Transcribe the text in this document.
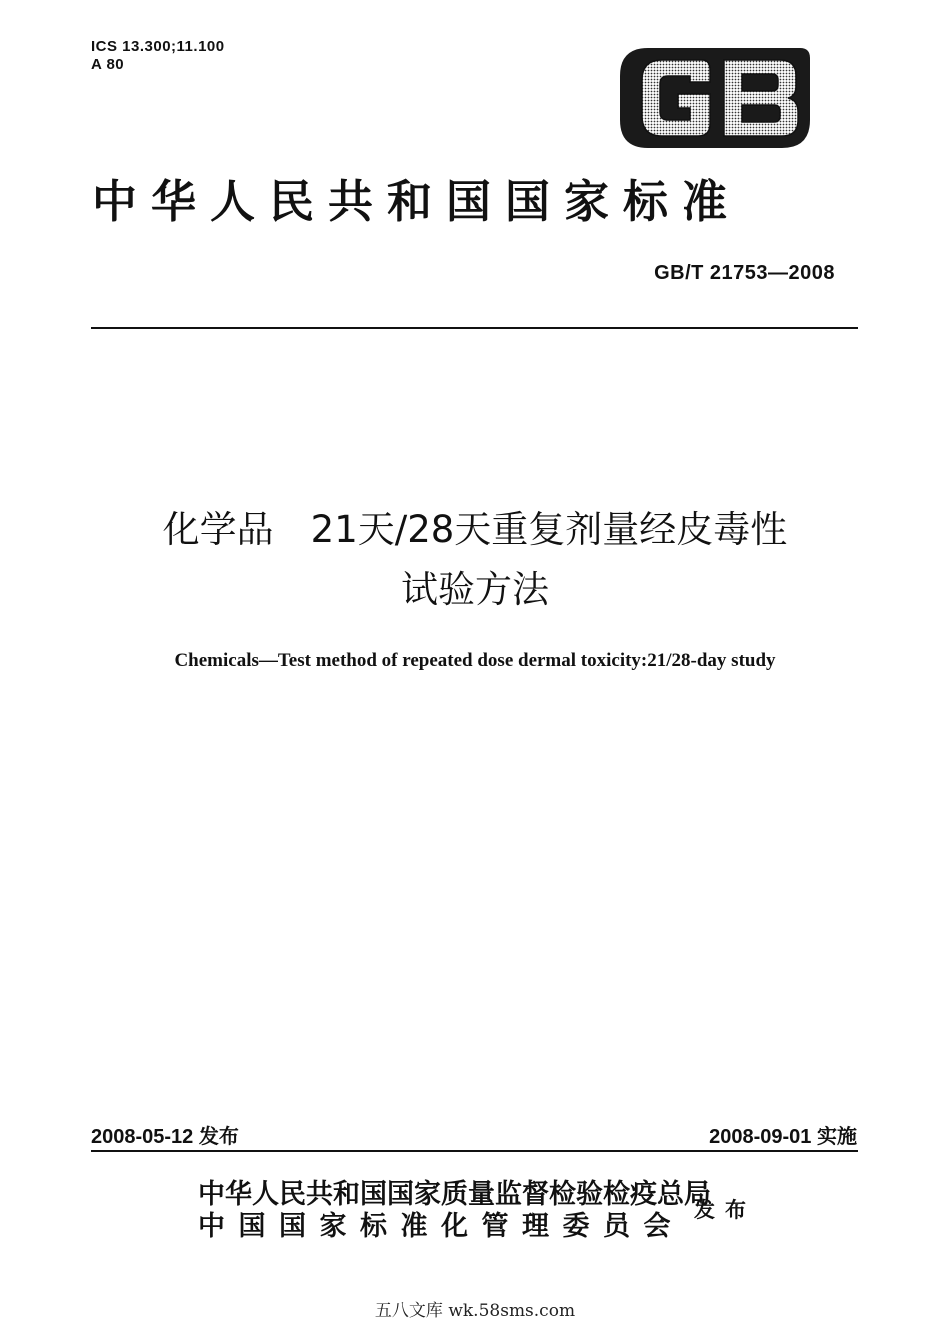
ICS 13.300;11.100
A 80
中华人民共和国国家标准
GB/T 21753—2008
化学品　21天/28天重复剂量经皮毒性
试验方法
Chemicals—Test method of repeated dose dermal toxicity:21/28-day study
2008-05-12 发布	2008-09-01 实施
中华人民共和国国家质量监督检验检疫总局
中国国家标准化管理委员会
发布
五八文库 wk.58sms.com
